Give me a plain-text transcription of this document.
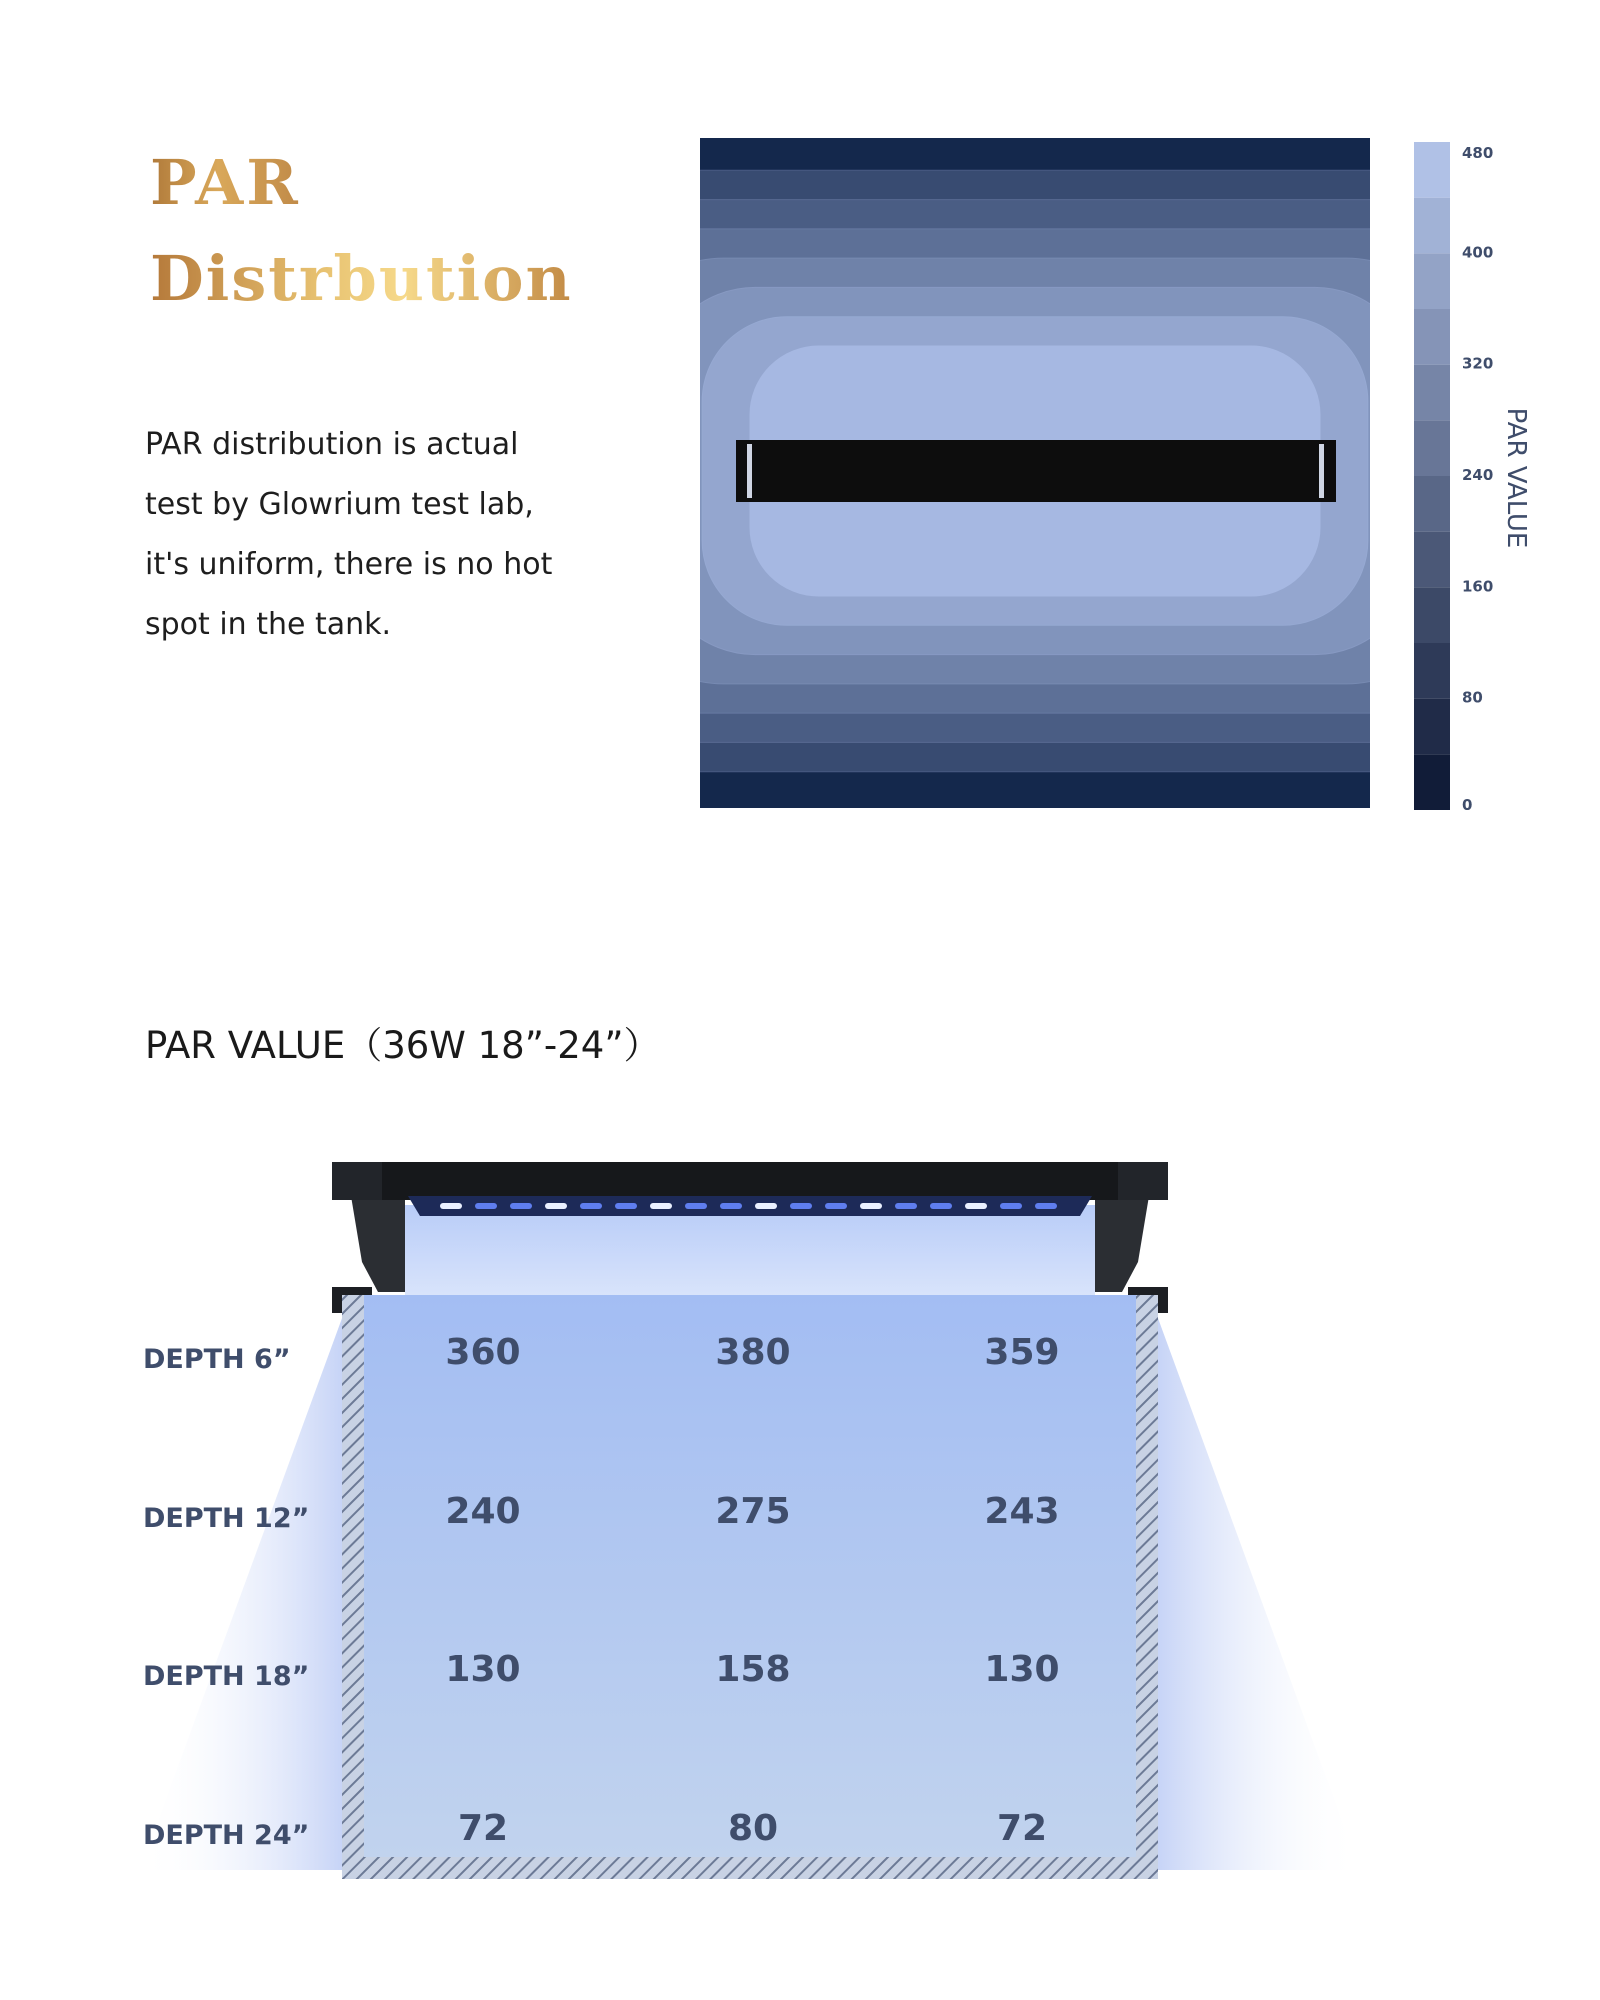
PAR
Distrbution

PAR distribution is actual test by Glowrium test lab, it's uniform, there is no hot spot in the tank.

0
80
160
240
320
400
480
PAR VALUE
PAR VALUE（36W 18”-24”）
DEPTH 6”	360	380	359
DEPTH 12”	240	275	243
DEPTH 18”	130	158	130
DEPTH 24”	72	80	72
